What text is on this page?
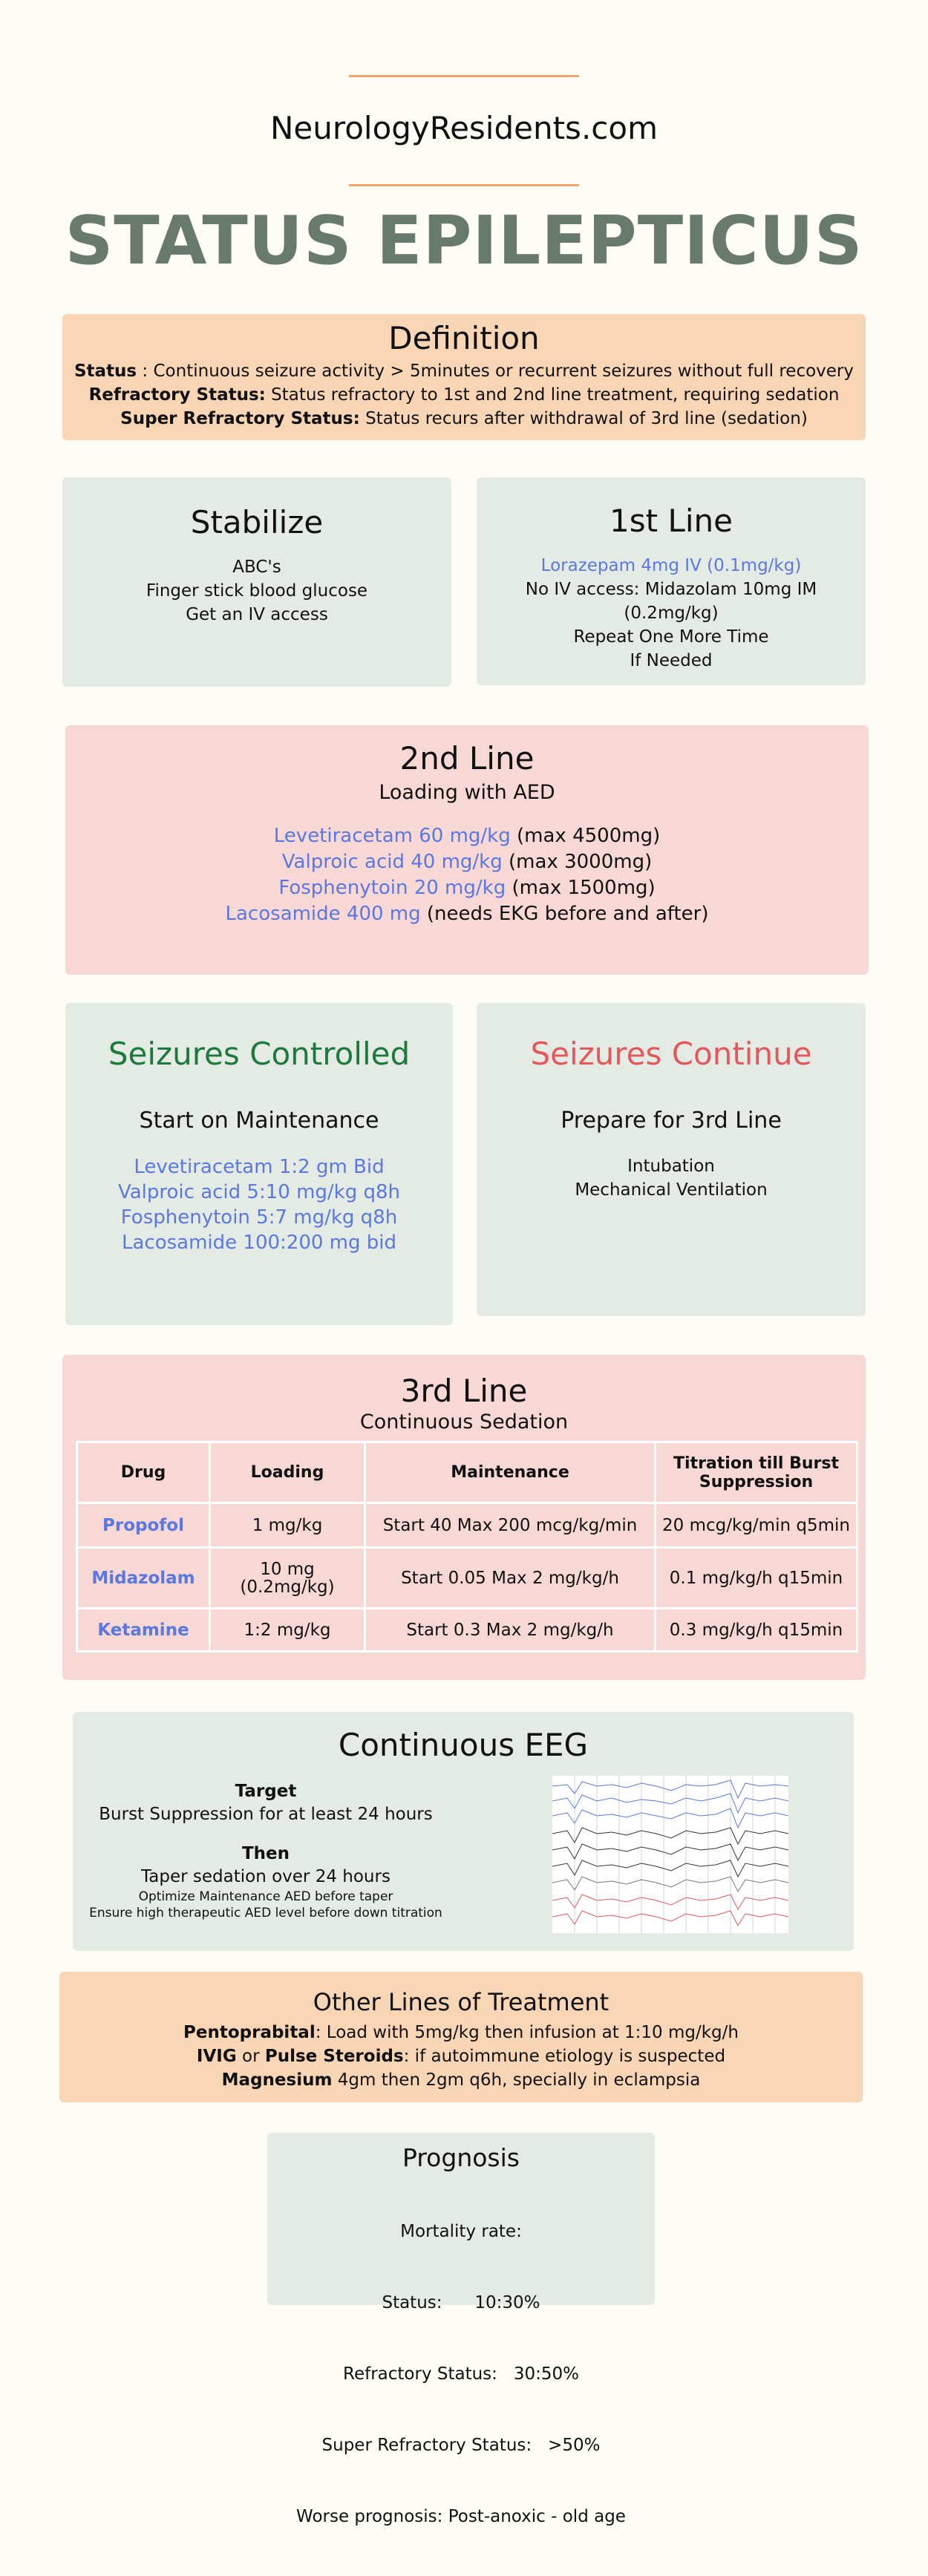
NeurologyResidents.com
STATUS EPILEPTICUS
Definition
Status : Continuous seizure activity > 5minutes or recurrent seizures without full recovery
Refractory Status: Status refractory to 1st and 2nd line treatment, requiring sedation
Super Refractory Status: Status recurs after withdrawal of 3rd line (sedation)
Stabilize
ABC's
Finger stick blood glucose
Get an IV access
1st Line
Lorazepam 4mg IV (0.1mg/kg)
No IV access: Midazolam 10mg IM
(0.2mg/kg)
Repeat One More Time
If Needed
2nd Line
Loading with AED
Levetiracetam 60 mg/kg (max 4500mg)
Valproic acid 40 mg/kg (max 3000mg)
Fosphenytoin 20 mg/kg (max 1500mg)
Lacosamide 400 mg (needs EKG before and after)
Seizures Controlled
Start on Maintenance
Levetiracetam 1:2 gm Bid
Valproic acid 5:10 mg/kg q8h
Fosphenytoin 5:7 mg/kg q8h
Lacosamide 100:200 mg bid
Seizures Continue
Prepare for 3rd Line
Intubation
Mechanical Ventilation
3rd Line
Continuous Sedation
Drug	Loading	Maintenance	Titration till Burst Suppression
Propofol	1 mg/kg	Start 40 Max 200 mcg/kg/min	20 mcg/kg/min q5min
Midazolam	10 mg (0.2mg/kg)	Start 0.05 Max 2 mg/kg/h	0.1 mg/kg/h q15min
Ketamine	1:2 mg/kg	Start 0.3 Max 2 mg/kg/h	0.3 mg/kg/h q15min
Continuous EEG
Target
Burst Suppression for at least 24 hours
Then
Taper sedation over 24 hours
Optimize Maintenance AED before taper
Ensure high therapeutic AED level before down titration
Other Lines of Treatment
Pentoprabital: Load with 5mg/kg then infusion at 1:10 mg/kg/h
IVIG or Pulse Steroids: if autoimmune etiology is suspected
Magnesium 4gm then 2gm q6h, specially in eclampsia
Prognosis

Mortality rate:

Status:      10:30%

Refractory Status:   30:50%

Super Refractory Status:   >50%

Worse prognosis: Post-anoxic - old age
